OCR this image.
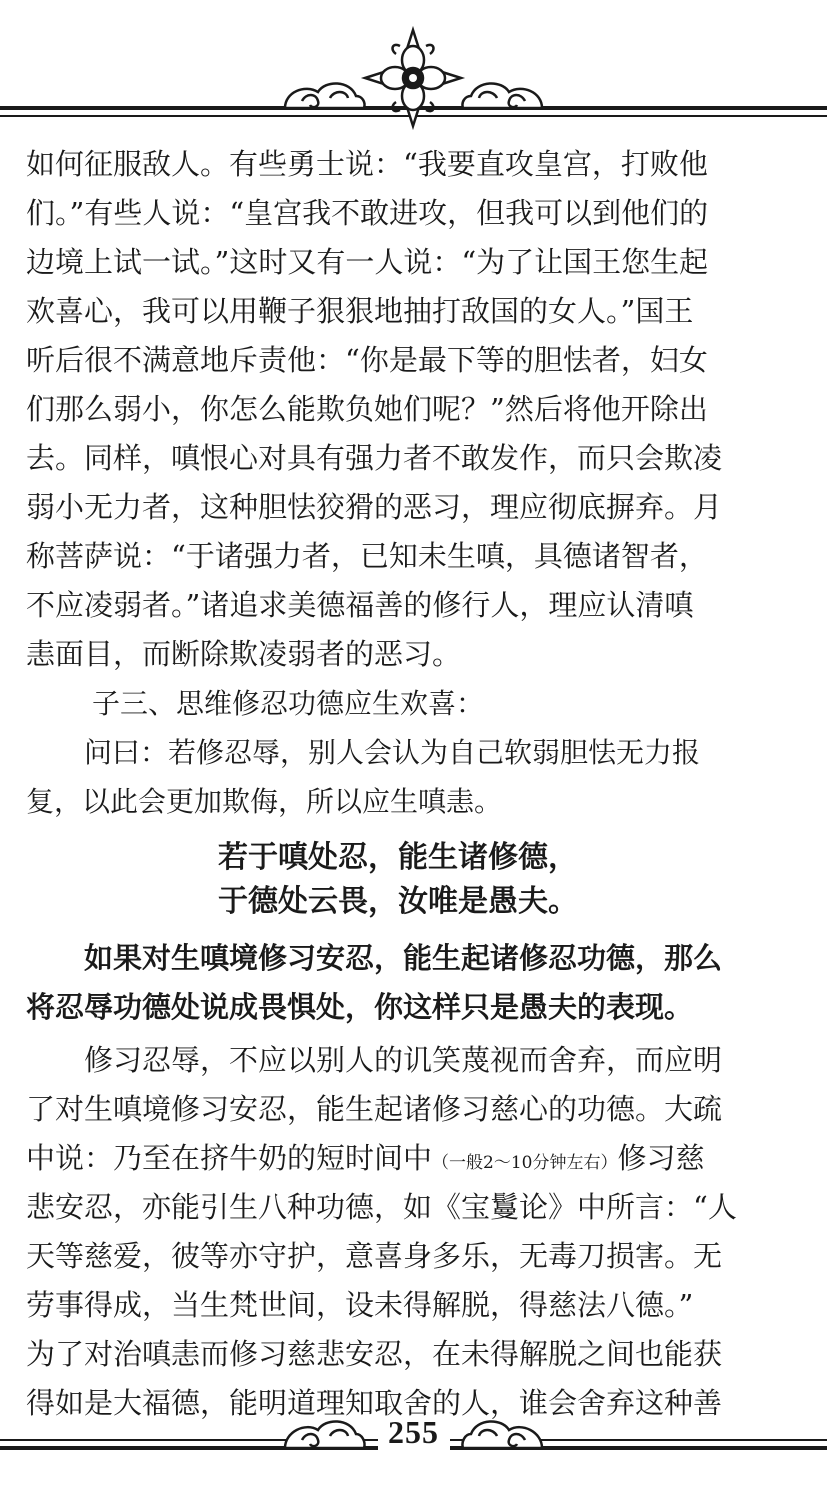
如何征服敌人。有些勇士说：“我要直攻皇宫，打败他
们。”有些人说：“皇宫我不敢进攻，但我可以到他们的
边境上试一试。”这时又有一人说：“为了让国王您生起
欢喜心，我可以用鞭子狠狠地抽打敌国的女人。”国王
听后很不满意地斥责他：“你是最下等的胆怯者，妇女
们那么弱小，你怎么能欺负她们呢？”然后将他开除出
去。同样，嗔恨心对具有强力者不敢发作，而只会欺凌
弱小无力者，这种胆怯狡猾的恶习，理应彻底摒弃。月
称菩萨说：“于诸强力者，已知未生嗔，具德诸智者，
不应凌弱者。”诸追求美德福善的修行人，理应认清嗔
恚面目，而断除欺凌弱者的恶习。
子三、思维修忍功德应生欢喜：
问曰：若修忍辱，别人会认为自己软弱胆怯无力报
复，以此会更加欺侮，所以应生嗔恚。
若于嗔处忍，能生诸修德，
于德处云畏，汝唯是愚夫。
如果对生嗔境修习安忍，能生起诸修忍功德，那么
将忍辱功德处说成畏惧处，你这样只是愚夫的表现。
修习忍辱，不应以别人的讥笑蔑视而舍弃，而应明
了对生嗔境修习安忍，能生起诸修习慈心的功德。大疏
中说：乃至在挤牛奶的短时间中（一般2～10分钟左右）修习慈
悲安忍，亦能引生八种功德，如《宝鬘论》中所言：“人
天等慈爱，彼等亦守护，意喜身多乐，无毒刀损害。无
劳事得成，当生梵世间，设未得解脱，得慈法八德。”
为了对治嗔恚而修习慈悲安忍，在未得解脱之间也能获
得如是大福德，能明道理知取舍的人，谁会舍弃这种善
255
